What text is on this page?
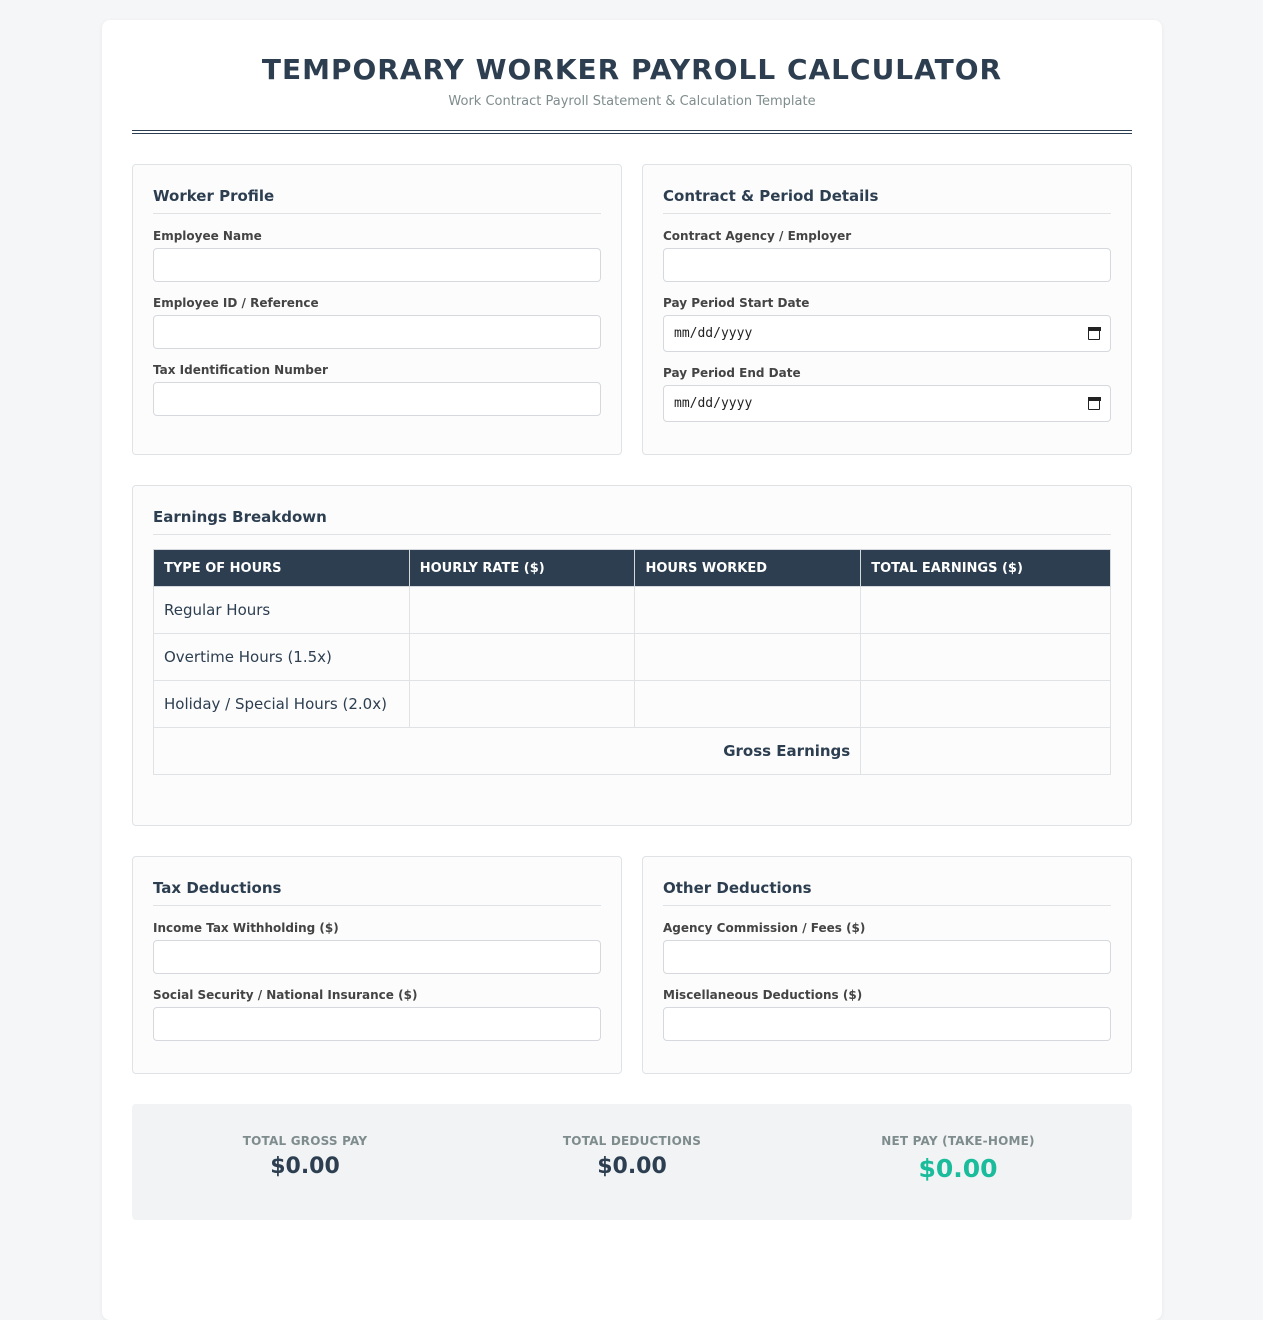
TEMPORARY WORKER PAYROLL CALCULATOR
Work Contract Payroll Statement & Calculation Template
Worker Profile
Employee Name
Employee ID / Reference
Tax Identification Number
Contract & Period Details
Contract Agency / Employer
Pay Period Start Date
mm/dd/yyyy
Pay Period End Date
mm/dd/yyyy
Earnings Breakdown
TYPE OF HOURS	HOURLY RATE ($)	HOURS WORKED	TOTAL EARNINGS ($)
Regular Hours			
Overtime Hours (1.5x)			
Holiday / Special Hours (2.0x)			
Gross Earnings			
Tax Deductions
Income Tax Withholding ($)
Social Security / National Insurance ($)
Other Deductions
Agency Commission / Fees ($)
Miscellaneous Deductions ($)
TOTAL GROSS PAY
$0.00
TOTAL DEDUCTIONS
$0.00
NET PAY (TAKE-HOME)
$0.00
